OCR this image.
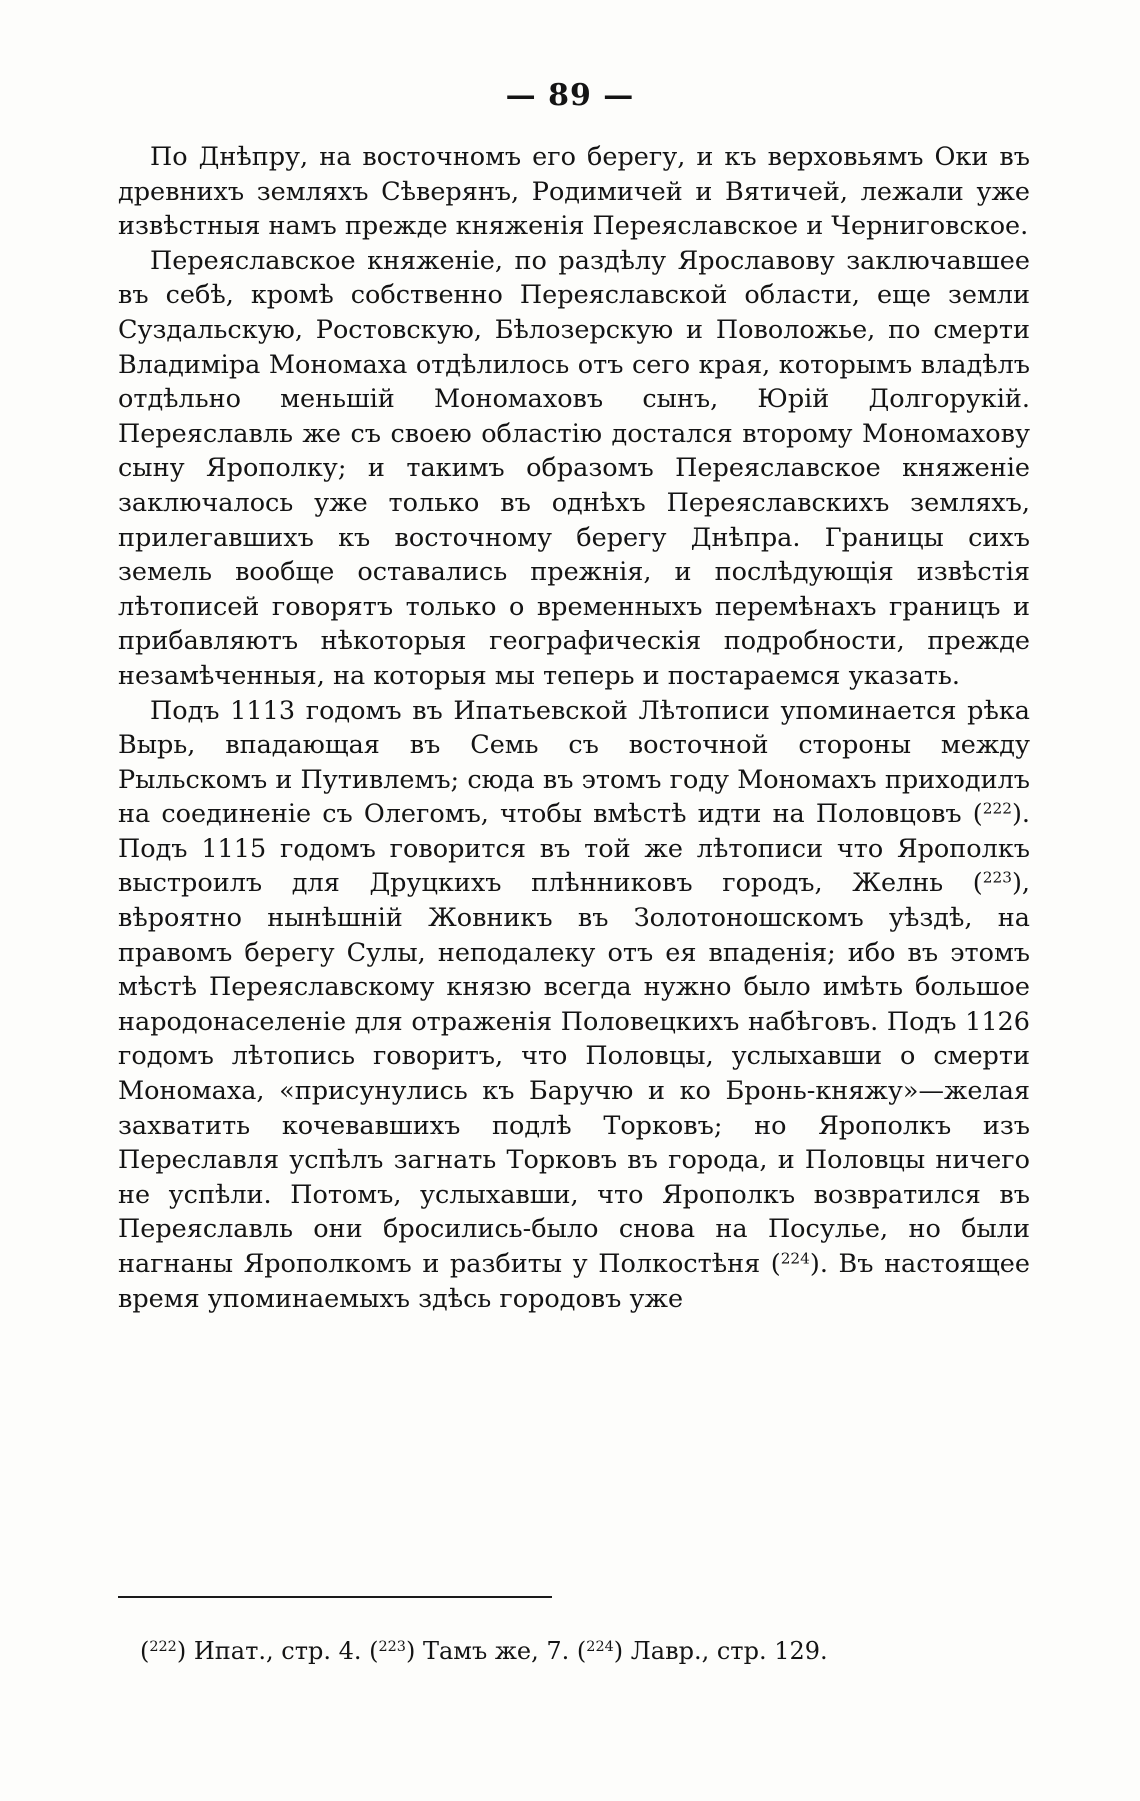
— 89 —

По Днѣпру, на восточномъ его берегу, и къ верховьямъ Оки въ древнихъ земляхъ Сѣверянъ, Родимичей и Вятичей, лежали уже извѣстныя намъ прежде княженія Переяславское и Черниговское.

Переяславское княженіе, по раздѣлу Ярославову заключавшее въ себѣ, кромѣ собственно Переяславской области, еще земли Суздальскую, Ростовскую, Бѣлозерскую и Поволожье, по смерти Владиміра Мономаха отдѣлилось отъ сего края, которымъ владѣлъ отдѣльно меньшій Мономаховъ сынъ, Юрій Долгорукій. Переяславль же съ своею областію достался второму Мономахову сыну Ярополку; и такимъ образомъ Переяславское княженіе заключалось уже только въ однѣхъ Переяславскихъ земляхъ, прилегавшихъ къ восточному берегу Днѣпра. Границы сихъ земель вообще оставались прежнія, и послѣдующія извѣстія лѣтописей говорятъ только о временныхъ перемѣнахъ границъ и прибавляютъ нѣкоторыя географическія подробности, прежде незамѣченныя, на которыя мы теперь и постараемся указать.

Подъ 1113 годомъ въ Ипатьевской Лѣтописи упоминается рѣка Вырь, впадающая въ Семь съ восточной стороны между Рыльскомъ и Путивлемъ; сюда въ этомъ году Мономахъ приходилъ на соединеніе съ Олегомъ, чтобы вмѣстѣ идти на Половцовъ ($^{222}$). Подъ 1115 годомъ говорится въ той же лѣтописи что Ярополкъ выстроилъ для Друцкихъ плѣнниковъ городъ, Желнь ($^{223}$), вѣроятно нынѣшній Жовникъ въ Золотоношскомъ уѣздѣ, на правомъ берегу Сулы, неподалеку отъ ея впаденія; ибо въ этомъ мѣстѣ Переяславскому князю всегда нужно было имѣть большое народонаселеніе для отраженія Половецкихъ набѣговъ. Подъ 1126 годомъ лѣтопись говоритъ, что Половцы, услыхавши о смерти Мономаха, «присунулись къ Баручю и ко Бронь-княжу»—желая захватить кочевавшихъ подлѣ Торковъ; но Ярополкъ изъ Переславля успѣлъ загнать Торковъ въ города, и Половцы ничего не успѣли. Потомъ, услыхавши, что Ярополкъ возвратился въ Переяславль они бросились-было снова на Посулье, но были нагнаны Ярополкомъ и разбиты у Полкостѣня ($^{224}$). Въ настоящее время упоминаемыхъ здѣсь городовъ уже

($^{222}$) Ипат., стр. 4. ($^{223}$) Тамъ же, 7. ($^{224}$) Лавр., стр. 129.
